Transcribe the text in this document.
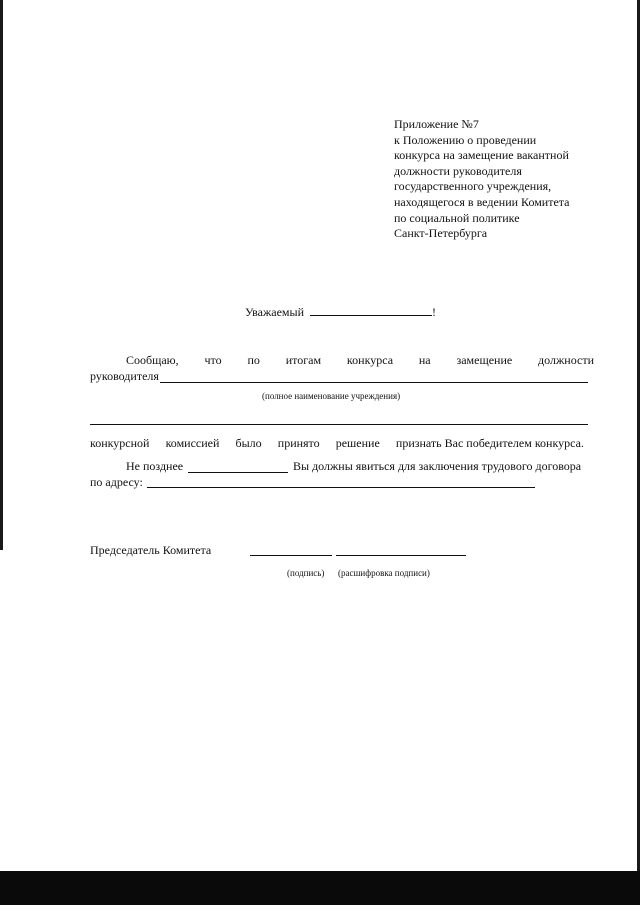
Приложение №7
к Положению о проведении
конкурса на замещение вакантной
должности руководителя
государственного учреждения,
находящегося в ведении Комитета
по социальной политике
Санкт-Петербурга
Уважаемый	!
Сообщаю, что по итогам конкурса на замещение должности
руководителя
(полное наименование учреждения)
конкурсной комиссией было принято решение признать Вас победителем конкурса.
Не позднее	Вы должны явиться для заключения трудового договора
по адресу:
Председатель Комитета
(подпись) (расшифровка подписи)
